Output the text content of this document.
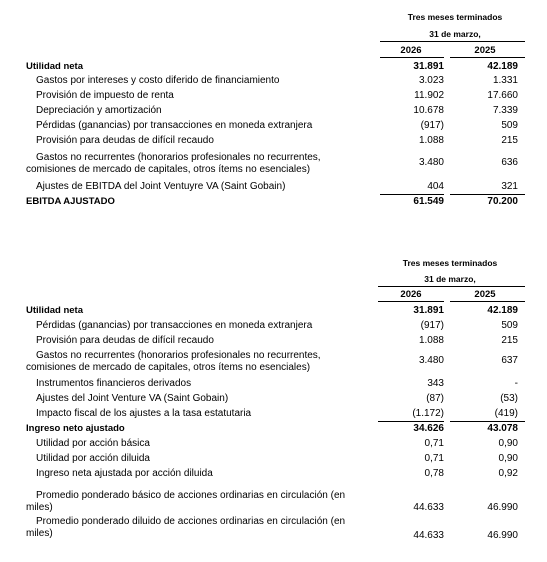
Tres meses terminados
31 de marzo,
2026	2025
Utilidad neta	31.891	42.189
Gastos por intereses y costo diferido de financiamiento	3.023	1.331
Provisión de impuesto de renta	11.902	17.660
Depreciación y amortización	10.678	7.339
Pérdidas (ganancias) por transacciones en moneda extranjera	(917)	509
Provisión para deudas de difícil recaudo	1.088	215
Gastos no recurrentes (honorarios profesionales no recurrentes,
comisiones de mercado de capitales, otros ítems no esenciales)
3.480	636
Ajustes de EBITDA del Joint Ventuyre VA (Saint Gobain)	404	321
EBITDA AJUSTADO	61.549	70.200
Tres meses terminados
31 de marzo,
2026	2025
Utilidad neta	31.891	42.189
Pérdidas (ganancias) por transacciones en moneda extranjera	(917)	509
Provisión para deudas de difícil recaudo	1.088	215
Gastos no recurrentes (honorarios profesionales no recurrentes,
comisiones de mercado de capitales, otros ítems no esenciales)
3.480	637
Instrumentos financieros derivados	343	-
Ajustes del Joint Venture VA (Saint Gobain)	(87)	(53)
Impacto fiscal de los ajustes a la tasa estatutaria	(1.172)	(419)
Ingreso neto ajustado	34.626	43.078
Utilidad por acción básica	0,71	0,90
Utilidad por acción diluida	0,71	0,90
Ingreso neta ajustada por acción diluida	0,78	0,92
Promedio ponderado básico de acciones ordinarias en circulación (en
miles)	44.633	46.990
Promedio ponderado diluido de acciones ordinarias en circulación (en
miles)	44.633	46.990
